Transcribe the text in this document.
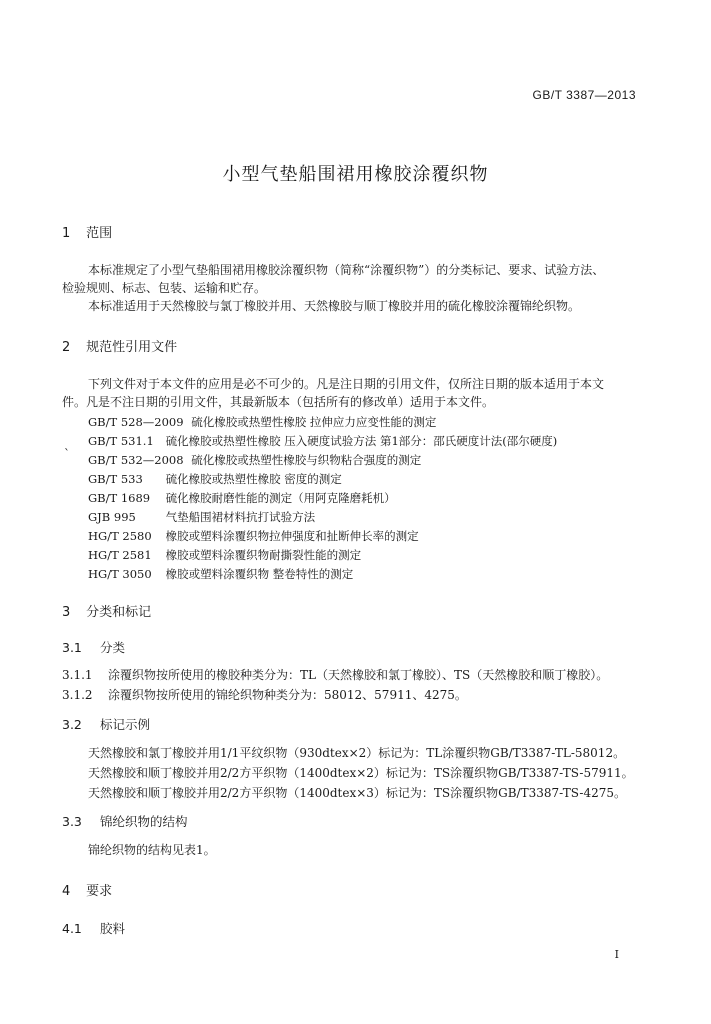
GB/T 3387—2013
小型气垫船围裙用橡胶涂覆织物
1 范围
本标准规定了小型气垫船围裙用橡胶涂覆织物（简称“涂覆织物”）的分类标记、要求、试验方法、
检验规则、标志、包装、运输和贮存。
本标准适用于天然橡胶与氯丁橡胶并用、天然橡胶与顺丁橡胶并用的硫化橡胶涂覆锦纶织物。
2 规范性引用文件
下列文件对于本文件的应用是必不可少的。凡是注日期的引用文件，仅所注日期的版本适用于本文
件。凡是不注日期的引用文件，其最新版本（包括所有的修改单）适用于本文件。
GB/T 528—2009 硫化橡胶或热塑性橡胶 拉伸应力应变性能的测定
GB/T 531.1 硫化橡胶或热塑性橡胶 压入硬度试验方法 第1部分：邵氏硬度计法(邵尔硬度)
` GB/T 532—2008 硫化橡胶或热塑性橡胶与织物粘合强度的测定
GB/T 533 硫化橡胶或热塑性橡胶 密度的测定
GB/T 1689 硫化橡胶耐磨性能的测定（用阿克隆磨耗机）
GJB 995	气垫船围裙材料抗打试验方法
HG/T 2580 橡胶或塑料涂覆织物拉伸强度和扯断伸长率的测定
HG/T 2581 橡胶或塑料涂覆织物耐撕裂性能的测定
HG/T 3050 橡胶或塑料涂覆织物 整卷特性的测定
3 分类和标记
3.1 分类
3.1.1 涂覆织物按所使用的橡胶种类分为：TL（天然橡胶和氯丁橡胶）、TS（天然橡胶和顺丁橡胶）。
3.1.2 涂覆织物按所使用的锦纶织物种类分为：58012、57911、4275。
3.2 标记示例
天然橡胶和氯丁橡胶并用1/1平纹织物（930dtex×2）标记为：TL涂覆织物GB/T3387-TL-58012。
天然橡胶和顺丁橡胶并用2/2方平织物（1400dtex×2）标记为：TS涂覆织物GB/T3387-TS-57911。
天然橡胶和顺丁橡胶并用2/2方平织物（1400dtex×3）标记为：TS涂覆织物GB/T3387-TS-4275。
3.3 锦纶织物的结构
锦纶织物的结构见表1。
4 要求
4.1 胶料
I
